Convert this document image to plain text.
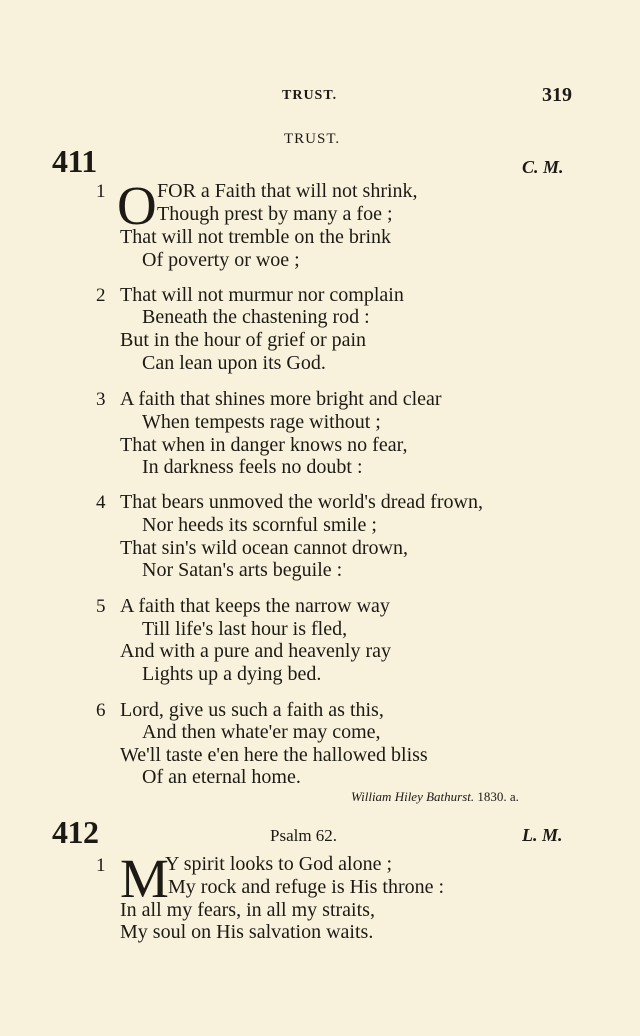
TRUST.	319
TRUST.
411	C. M.
1 O FOR a Faith that will not shrink,
Though prest by many a foe ;
That will not tremble on the brink
Of poverty or woe ;
2 That will not murmur nor complain
Beneath the chastening rod :
But in the hour of grief or pain
Can lean upon its God.
3 A faith that shines more bright and clear
When tempests rage without ;
That when in danger knows no fear,
In darkness feels no doubt :
4 That bears unmoved the world's dread frown,
Nor heeds its scornful smile ;
That sin's wild ocean cannot drown,
Nor Satan's arts beguile :
5 A faith that keeps the narrow way
Till life's last hour is fled,
And with a pure and heavenly ray
Lights up a dying bed.
6 Lord, give us such a faith as this,
And then whate'er may come,
We'll taste e'en here the hallowed bliss
Of an eternal home.
William Hiley Bathurst. 1830. a.
412	Psalm 62.	L. M.
1 M
Y spirit looks to God alone ;
My rock and refuge is His throne :
In all my fears, in all my straits,
My soul on His salvation waits.
